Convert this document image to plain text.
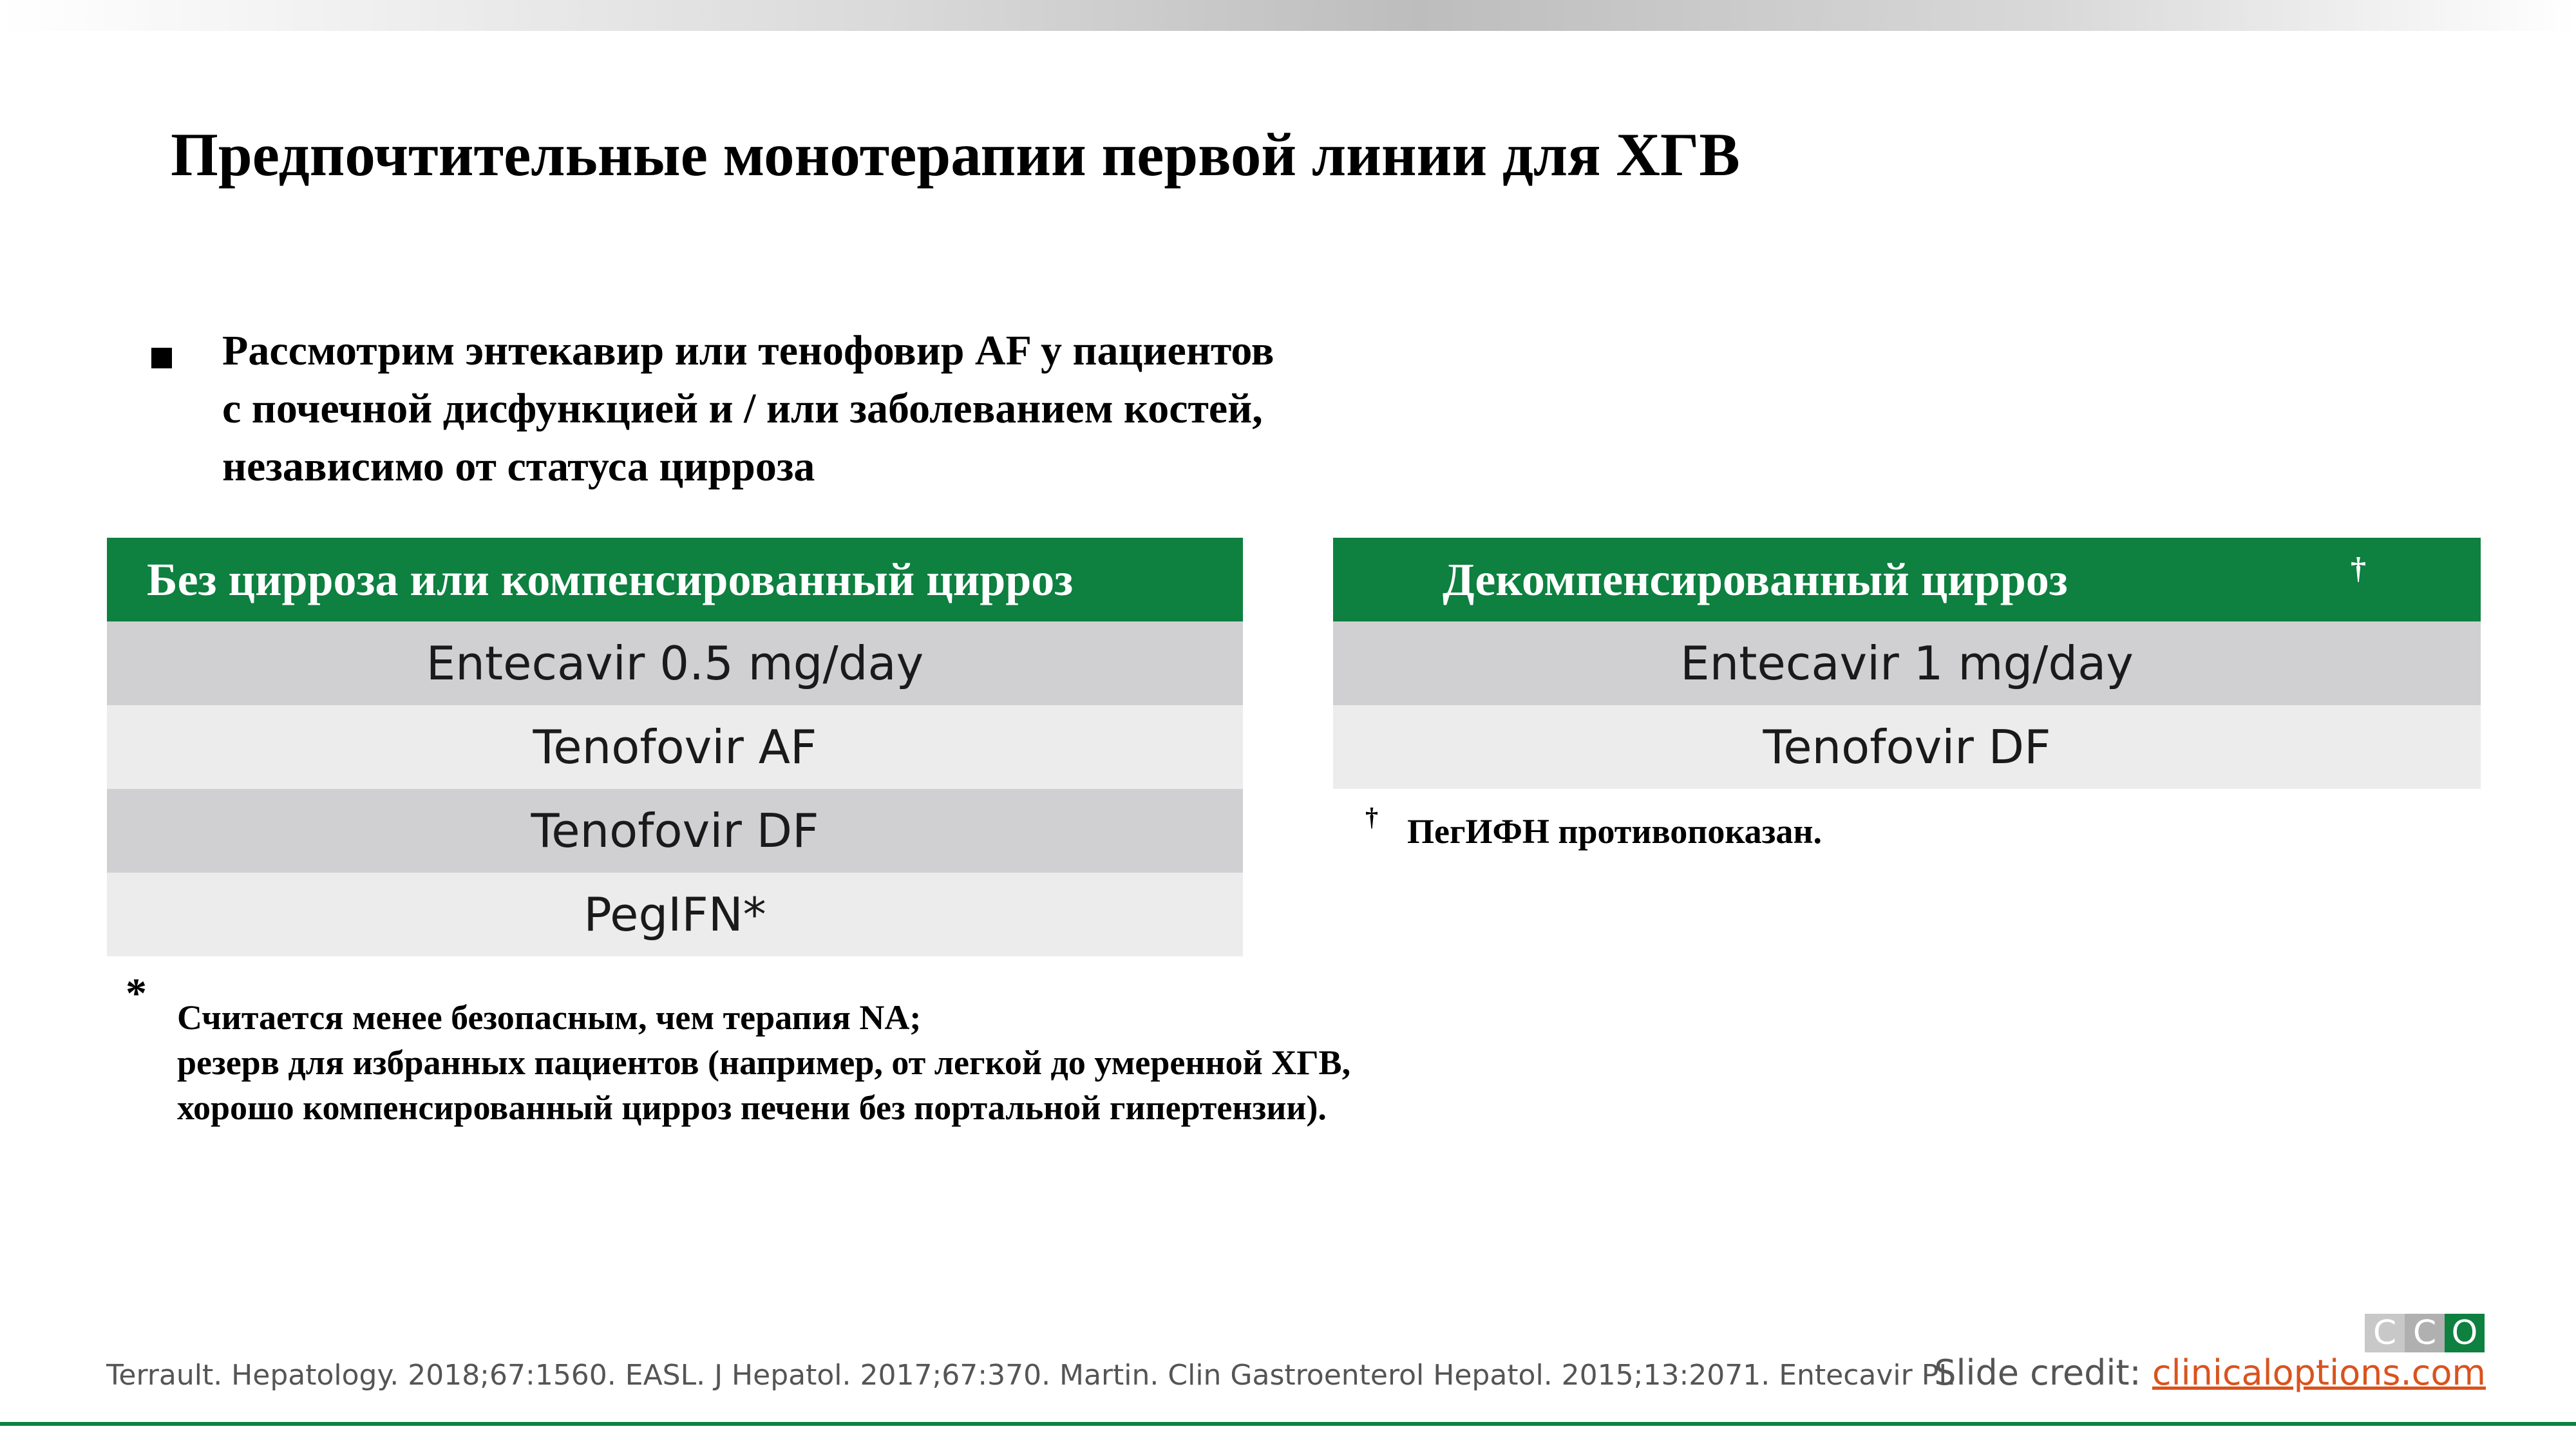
Предпочтительные монотерапии первой линии для ХГВ
Рассмотрим энтекавир или тенофовир AF у пациентов
с почечной дисфункцией и / или заболеванием костей,
независимо от статуса цирроза
Без цирроза или компенсированный цирроз
Entecavir 0.5 mg/day
Tenofovir AF
Tenofovir DF
PegIFN*
Декомпенсированный цирроз	†
Entecavir 1 mg/day
Tenofovir DF
† ПегИФН противопоказан.
*
Считается менее безопасным, чем терапия NA;
резерв для избранных пациентов (например, от легкой до умеренной ХГВ,
хорошо компенсированный цирроз печени без портальной гипертензии).
C C O
Terrault. Hepatology. 2018;67:1560. EASL. J Hepatol. 2017;67:370. Martin. Clin Gastroenterol Hepatol. 2015;13:2071. Entecavir PI.
Slide credit: clinicaloptions.com
